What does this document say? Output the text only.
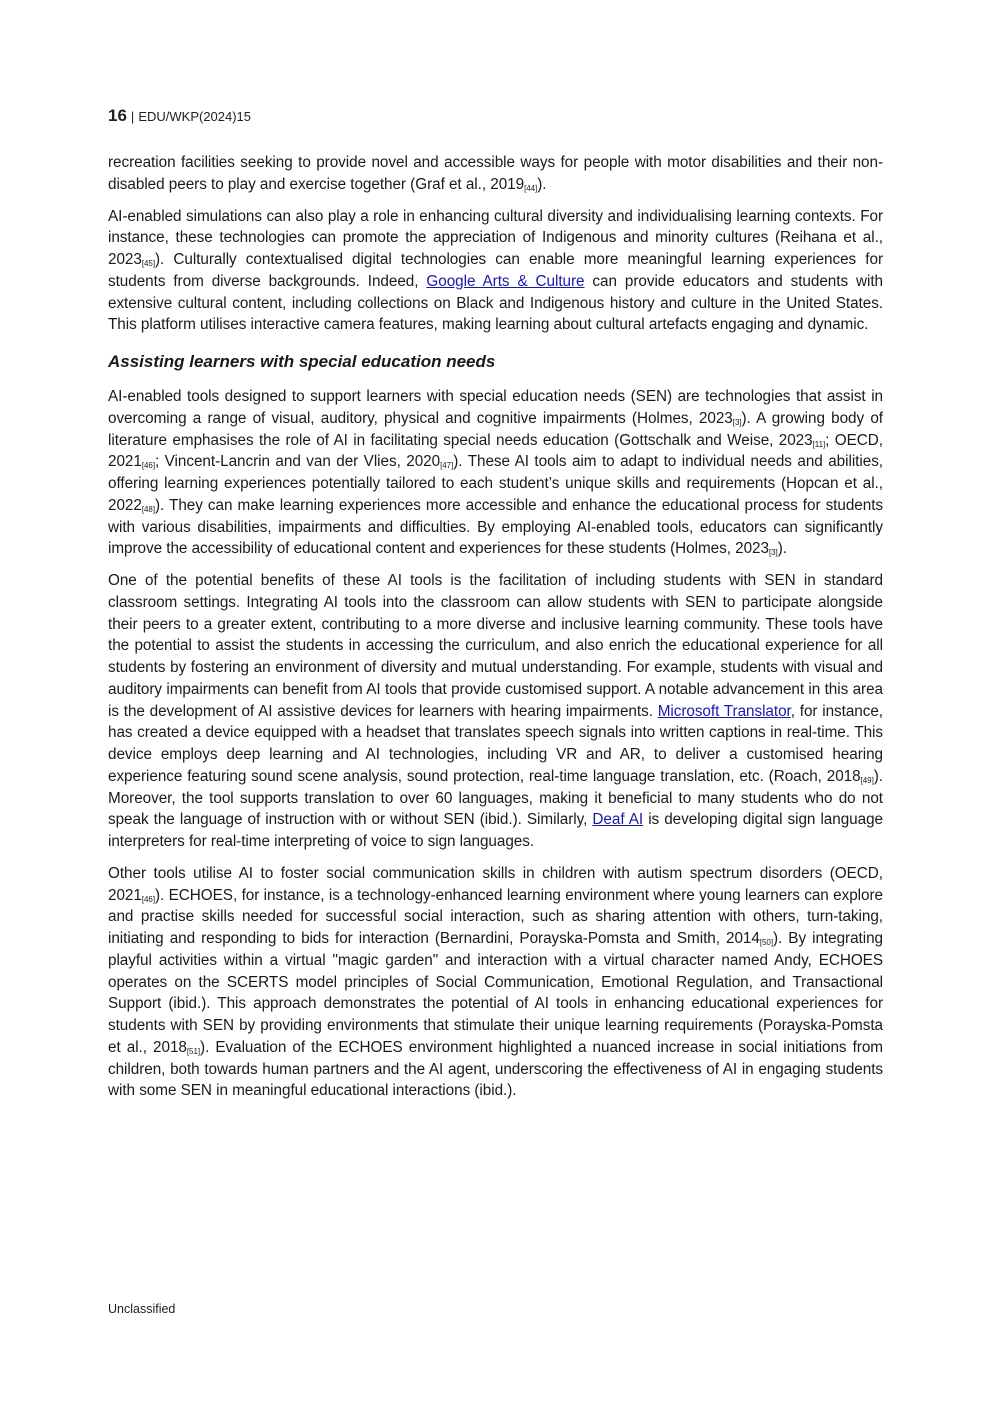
16 | EDU/WKP(2024)15

recreation facilities seeking to provide novel and accessible ways for people with motor disabilities and their non-disabled peers to play and exercise together (Graf et al., $2019_{[44]}$).

AI-enabled simulations can also play a role in enhancing cultural diversity and individualising learning contexts. For instance, these technologies can promote the appreciation of Indigenous and minority cultures (Reihana et al., $2023_{[45]}$). Culturally contextualised digital technologies can enable more meaningful learning experiences for students from diverse backgrounds. Indeed, Google Arts & Culture can provide educators and students with extensive cultural content, including collections on Black and Indigenous history and culture in the United States. This platform utilises interactive camera features, making learning about cultural artefacts engaging and dynamic.

Assisting learners with special education needs

AI-enabled tools designed to support learners with special education needs (SEN) are technologies that assist in overcoming a range of visual, auditory, physical and cognitive impairments (Holmes, $2023_{[3]}$). A growing body of literature emphasises the role of AI in facilitating special needs education (Gottschalk and Weise, $2023_{[11]}$; OECD, $2021_{[46]}$; Vincent-Lancrin and van der Vlies, $2020_{[47]}$). These AI tools aim to adapt to individual needs and abilities, offering learning experiences potentially tailored to each student’s unique skills and requirements (Hopcan et al., $2022_{[48]}$). They can make learning experiences more accessible and enhance the educational process for students with various disabilities, impairments and difficulties. By employing AI-enabled tools, educators can significantly improve the accessibility of educational content and experiences for these students (Holmes, $2023_{[3]}$).

One of the potential benefits of these AI tools is the facilitation of including students with SEN in standard classroom settings. Integrating AI tools into the classroom can allow students with SEN to participate alongside their peers to a greater extent, contributing to a more diverse and inclusive learning community. These tools have the potential to assist the students in accessing the curriculum, and also enrich the educational experience for all students by fostering an environment of diversity and mutual understanding. For example, students with visual and auditory impairments can benefit from AI tools that provide customised support. A notable advancement in this area is the development of AI assistive devices for learners with hearing impairments. Microsoft Translator, for instance, has created a device equipped with a headset that translates speech signals into written captions in real-time. This device employs deep learning and AI technologies, including VR and AR, to deliver a customised hearing experience featuring sound scene analysis, sound protection, real-time language translation, etc. (Roach, $2018_{[49]}$). Moreover, the tool supports translation to over 60 languages, making it beneficial to many students who do not speak the language of instruction with or without SEN (ibid.). Similarly, Deaf AI is developing digital sign language interpreters for real-time interpreting of voice to sign languages.

Other tools utilise AI to foster social communication skills in children with autism spectrum disorders (OECD, $2021_{[46]}$). ECHOES, for instance, is a technology-enhanced learning environment where young learners can explore and practise skills needed for successful social interaction, such as sharing attention with others, turn-taking, initiating and responding to bids for interaction (Bernardini, Porayska-Pomsta and Smith, $2014_{[50]}$). By integrating playful activities within a virtual "magic garden" and interaction with a virtual character named Andy, ECHOES operates on the SCERTS model principles of Social Communication, Emotional Regulation, and Transactional Support (ibid.). This approach demonstrates the potential of AI tools in enhancing educational experiences for students with SEN by providing environments that stimulate their unique learning requirements (Porayska-Pomsta et al., $2018_{[51]}$). Evaluation of the ECHOES environment highlighted a nuanced increase in social initiations from children, both towards human partners and the AI agent, underscoring the effectiveness of AI in engaging students with some SEN in meaningful educational interactions (ibid.).

Unclassified
